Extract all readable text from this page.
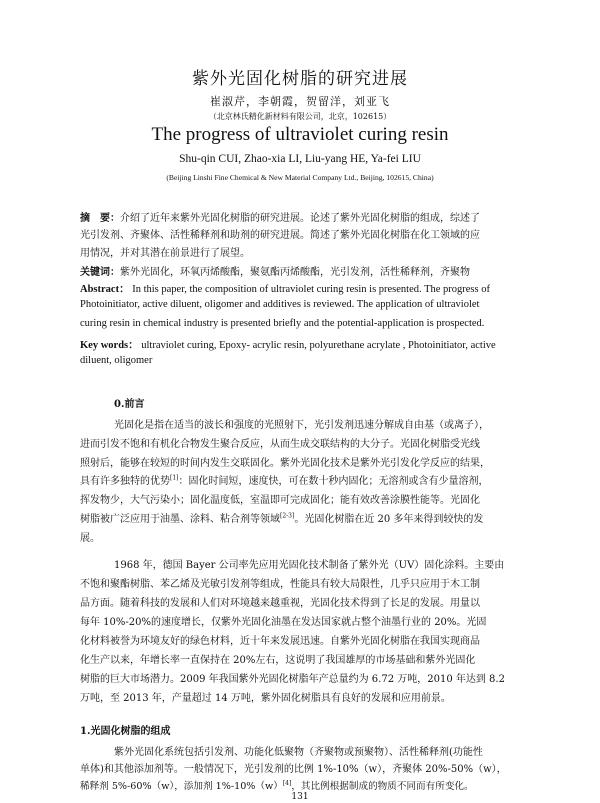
紫外光固化树脂的研究进展
崔淑芹，李朝霞，贺留洋，刘亚飞
（北京林氏精化新材料有限公司，北京，102615）
The progress of ultraviolet curing resin
Shu-qin CUI, Zhao-xia LI, Liu-yang HE, Ya-fei LIU
(Beijing Linshi Fine Chemical & New Material Company Ltd., Beijing, 102615, China)
摘　要：介绍了近年来紫外光固化树脂的研究进展。论述了紫外光固化树脂的组成，综述了
光引发剂、齐聚体、活性稀释剂和助剂的研究进展。简述了紫外光固化树脂在化工领域的应
用情况，并对其潜在前景进行了展望。
关键词：紫外光固化，环氧丙烯酸酯，聚氨酯丙烯酸酯，光引发剂，活性稀释剂，齐聚物
Abstract： In this paper, the composition of ultraviolet curing resin is presented. The progress of
Photoinitiator, active diluent, oligomer and additives is reviewed. The application of ultraviolet
curing resin in chemical industry is presented briefly and the potential-application is prospected.
Key words： ultraviolet curing, Epoxy- acrylic resin, polyurethane acrylate , Photoinitiator, active
diluent, oligomer
0.前言
光固化是指在适当的波长和强度的光照射下，光引发剂迅速分解成自由基（或离子），
进而引发不饱和有机化合物发生聚合反应，从而生成交联结构的大分子。光固化树脂受光线
照射后，能够在较短的时间内发生交联固化。紫外光固化技术是紫外光引发化学反应的结果，
具有许多独特的优势[1]：固化时间短，速度快，可在数十秒内固化；无溶剂或含有少量溶剂，
挥发物少，大气污染小；固化温度低，室温即可完成固化；能有效改善涂膜性能等。光固化
树脂被广泛应用于油墨、涂料、粘合剂等领域[2-3]。光固化树脂在近 20 多年来得到较快的发
展。
1968 年，德国 Bayer 公司率先应用光固化技术制备了紫外光（UV）固化涂料。主要由
不饱和聚酯树脂、苯乙烯及光敏引发剂等组成，性能具有较大局限性，几乎只应用于木工制
品方面。随着科技的发展和人们对环境越来越重视，光固化技术得到了长足的发展。用量以
每年 10%-20%的速度增长，仅紫外光固化油墨在发达国家就占整个油墨行业的 20%。光固
化材料被誉为环境友好的绿色材料，近十年来发展迅速。自紫外光固化树脂在我国实现商品
化生产以来，年增长率一直保持在 20%左右，这说明了我国雄厚的市场基础和紫外光固化
树脂的巨大市场潜力。2009 年我国紫外光固化树脂年产总量约为 6.72 万吨，2010 年达到 8.2
万吨，至 2013 年，产量超过 14 万吨，紫外固化树脂具有良好的发展和应用前景。
1.光固化树脂的组成
紫外光固化系统包括引发剂、功能化低聚物（齐聚物或预聚物）、活性稀释剂(功能性
单体)和其他添加剂等。一般情况下，光引发剂的比例 1%-10%（w），齐聚体 20%-50%（w），
稀释剂 5%-60%（w），添加剂 1%-10%（w）[4]，其比例根据制成的物质不同而有所变化。
131
